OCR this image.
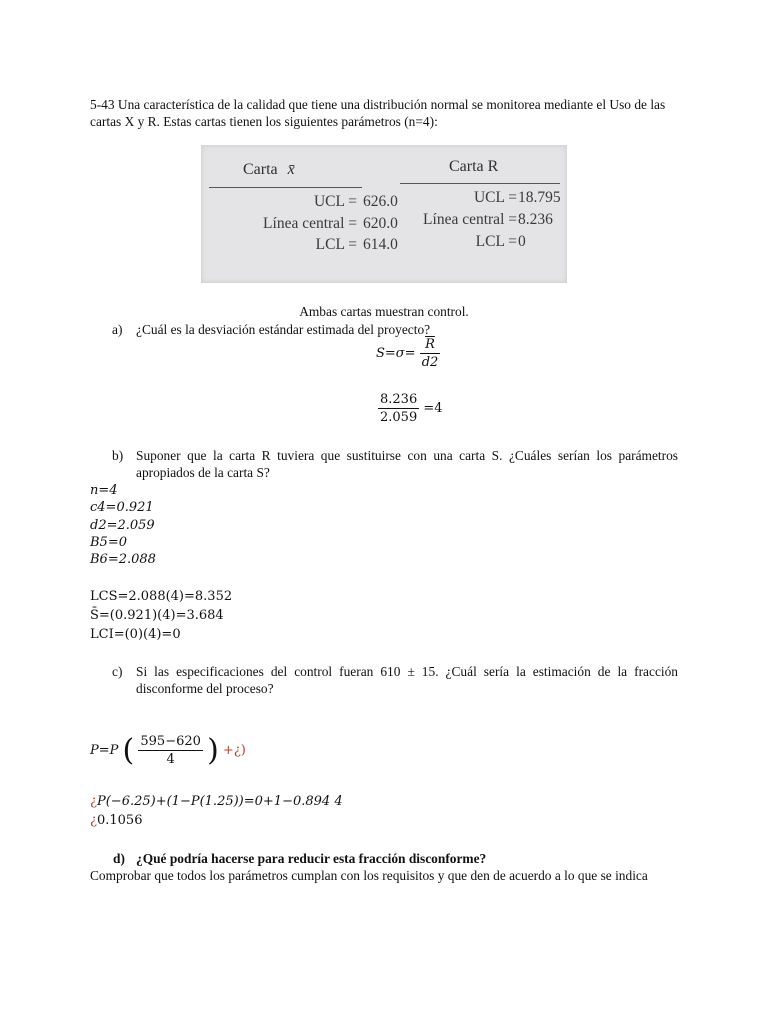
5-43 Una característica de la calidad que tiene una distribución normal se monitorea mediante el Uso de las cartas X y R. Estas cartas tienen los siguientes parámetros (n=4):
Carta x̄	Carta R
UCL = 626.0
Línea central = 620.0
LCL = 614.0
UCL = 18.795
Línea central = 8.236
LCL = 0
Ambas cartas muestran control.
a) ¿Cuál es la desviación estándar estimada del proyecto?
$S=\sigma= \frac{\overline{R}}{d2}$
$\frac{8.236}{2.059} =4$
b) Suponer que la carta R tuviera que sustituirse con una carta S. ¿Cuáles serían los parámetros apropiados de la carta S?
n=4
c4=0.921
d2=2.059
B5=0
B6=2.088
LCS=2.088(4)=8.352
S̄=(0.921)(4)=3.684
LCI=(0)(4)=0
c) Si las especificaciones del control fueran 610 ± 15. ¿Cuál sería la estimación de la fracción disconforme del proceso?
P=P ( $\frac{595-620}{4}$ ) +¿)
¿P(−6.25)+(1−P(1.25))=0+1−0.894 4
¿0.1056
d) ¿Qué podría hacerse para reducir esta fracción disconforme?
Comprobar que todos los parámetros cumplan con los requisitos y que den de acuerdo a lo que se indica
